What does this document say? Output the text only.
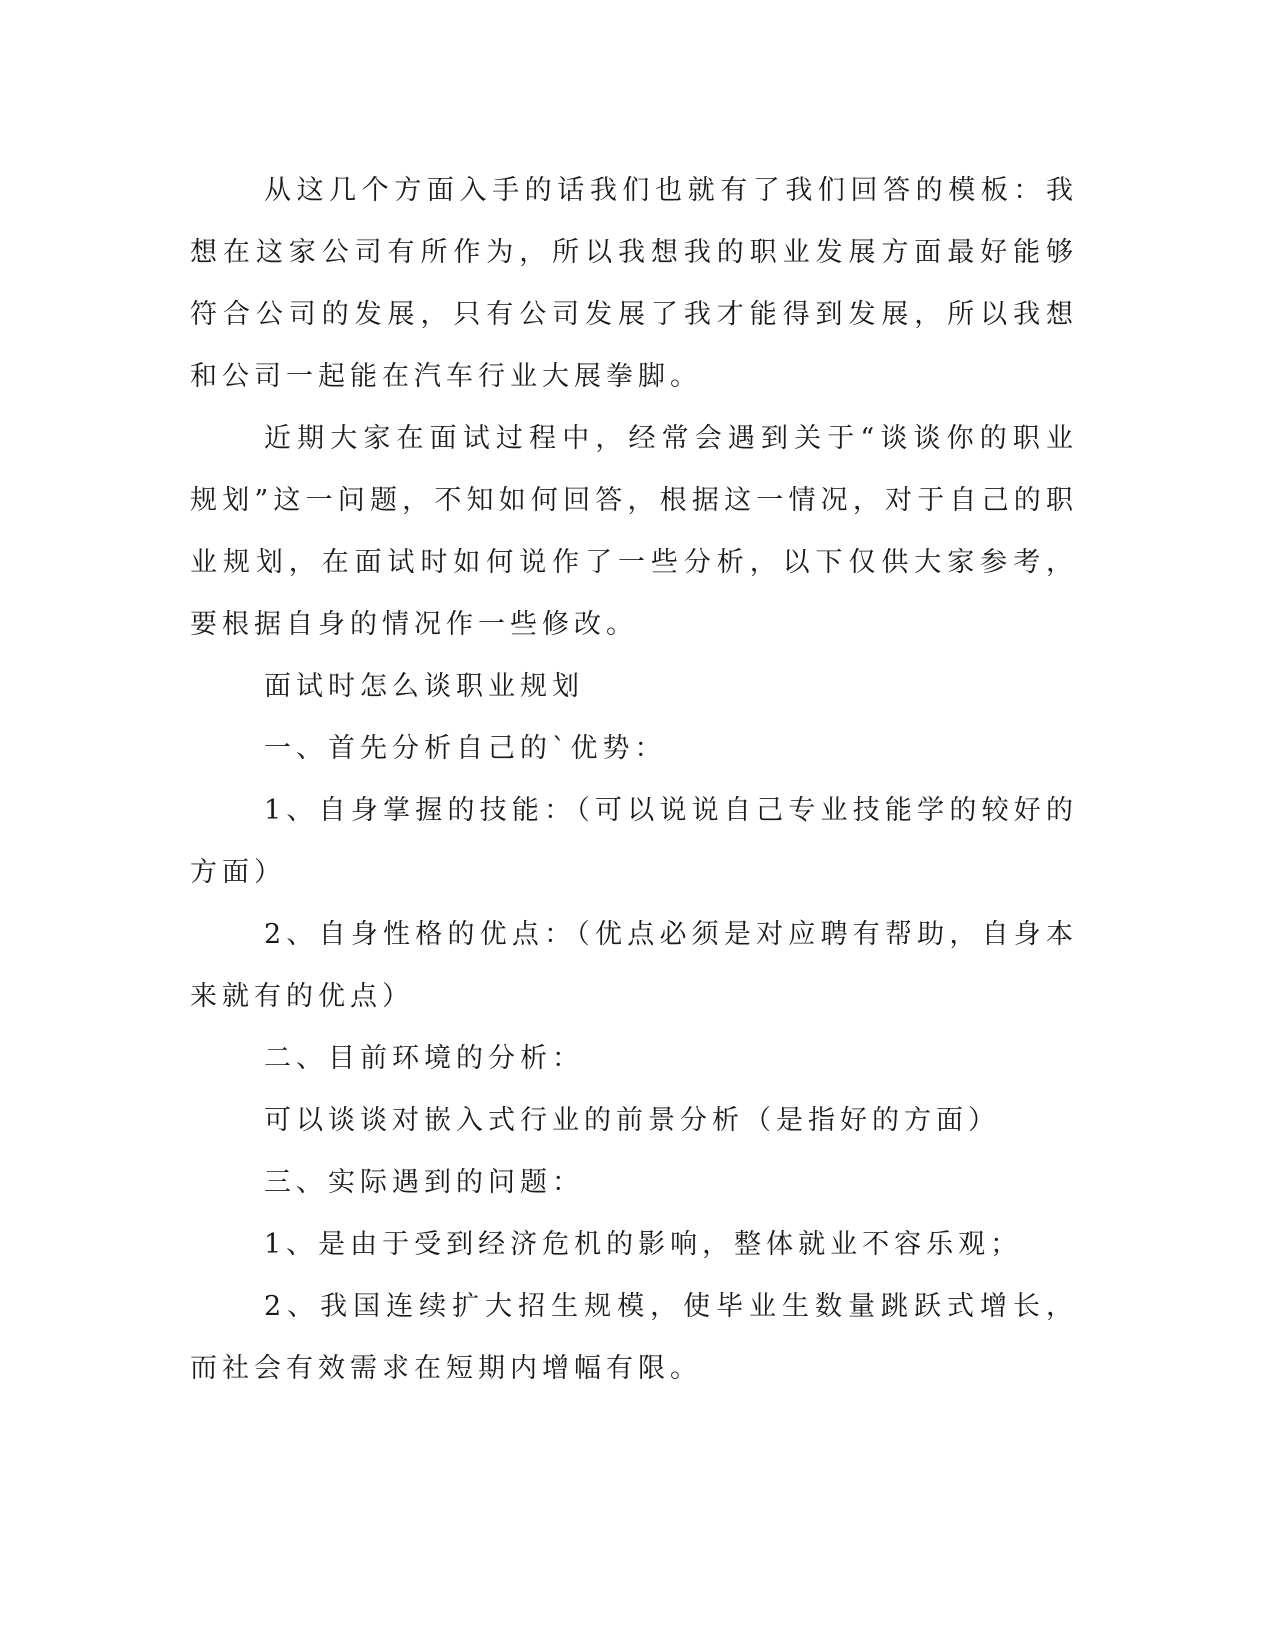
从这几个方面入手的话我们也就有了我们回答的模板：我想在这家公司有所作为，所以我想我的职业发展方面最好能够符合公司的发展，只有公司发展了我才能得到发展，所以我想和公司一起能在汽车行业大展拳脚。

近期大家在面试过程中，经常会遇到关于“谈谈你的职业规划”这一问题，不知如何回答，根据这一情况，对于自己的职业规划，在面试时如何说作了一些分析，以下仅供大家参考，要根据自身的情况作一些修改。

面试时怎么谈职业规划

一、首先分析自己的`优势：

1、自身掌握的技能：（可以说说自己专业技能学的较好的方面）

2、自身性格的优点：（优点必须是对应聘有帮助，自身本来就有的优点）

二、目前环境的分析：

可以谈谈对嵌入式行业的前景分析（是指好的方面）

三、实际遇到的问题：

1、是由于受到经济危机的影响，整体就业不容乐观；

2、我国连续扩大招生规模，使毕业生数量跳跃式增长，而社会有效需求在短期内增幅有限。
